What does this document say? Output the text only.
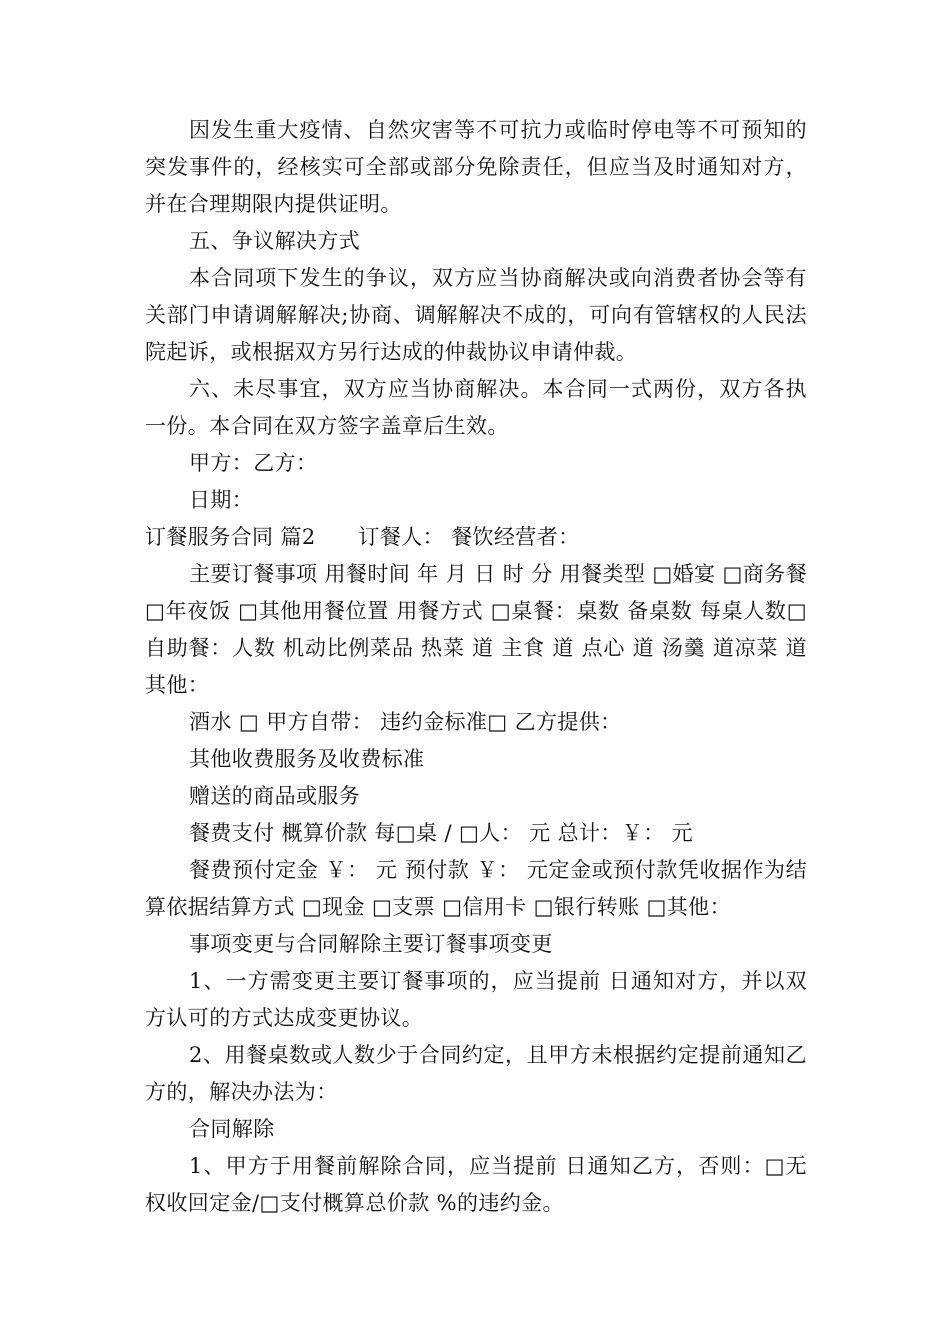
因发生重大疫情、自然灾害等不可抗力或临时停电等不可预知的突发事件的，经核实可全部或部分免除责任，但应当及时通知对方，并在合理期限内提供证明。

五、争议解决方式

本合同项下发生的争议，双方应当协商解决或向消费者协会等有关部门申请调解解决;协商、调解解决不成的，可向有管辖权的人民法院起诉，或根据双方另行达成的仲裁协议申请仲裁。

六、未尽事宜，双方应当协商解决。本合同一式两份，双方各执一份。本合同在双方签字盖章后生效。

甲方：乙方：

日期：

订餐服务合同 篇2　　订餐人： 餐饮经营者：

主要订餐事项 用餐时间 年 月 日 时 分 用餐类型 □婚宴 □商务餐 □年夜饭 □其他用餐位置 用餐方式 □桌餐：桌数 备桌数 每桌人数□自助餐：人数 机动比例菜品 热菜 道 主食 道 点心 道 汤羹 道凉菜 道 其他：

酒水 □ 甲方自带： 违约金标准□ 乙方提供：

其他收费服务及收费标准

赠送的商品或服务

餐费支付 概算价款 每□桌 / □人： 元 总计：￥： 元

餐费预付定金 ￥： 元 预付款 ￥： 元定金或预付款凭收据作为结算依据结算方式 □现金 □支票 □信用卡 □银行转账 □其他：

事项变更与合同解除主要订餐事项变更

1、一方需变更主要订餐事项的，应当提前 日通知对方，并以双方认可的方式达成变更协议。

2、用餐桌数或人数少于合同约定，且甲方未根据约定提前通知乙方的，解决办法为：

合同解除

1、甲方于用餐前解除合同，应当提前 日通知乙方，否则：□无权收回定金/□支付概算总价款 %的违约金。
